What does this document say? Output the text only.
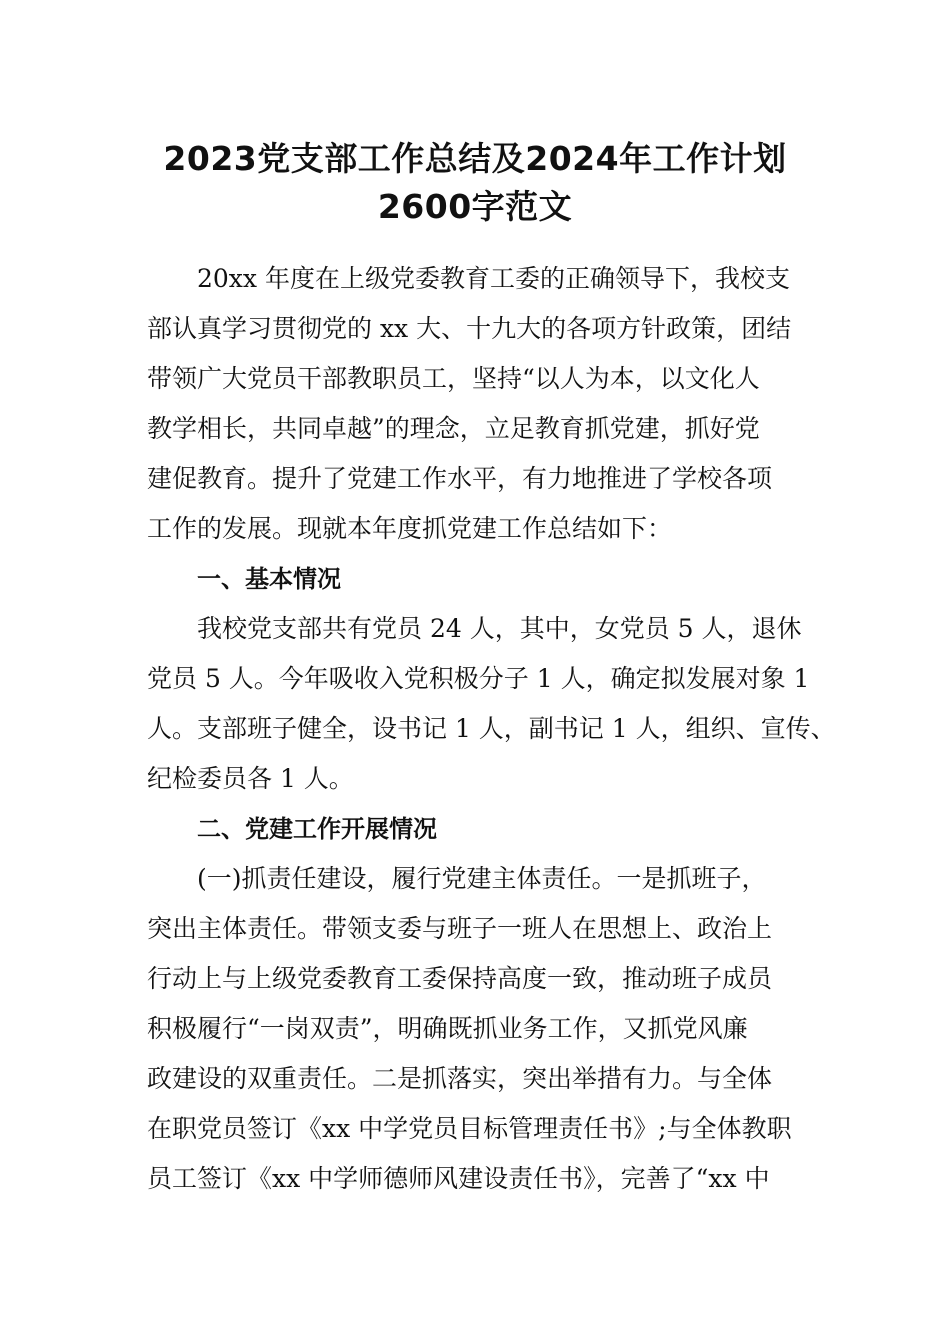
2023党支部工作总结及2024年工作计划
2600字范文
20xx 年度在上级党委教育工委的正确领导下，我校支
部认真学习贯彻党的 xx 大、十九大的各项方针政策，团结
带领广大党员干部教职员工，坚持“以人为本，以文化人
教学相长，共同卓越”的理念，立足教育抓党建，抓好党
建促教育。提升了党建工作水平，有力地推进了学校各项
工作的发展。现就本年度抓党建工作总结如下：
一、基本情况
我校党支部共有党员 24 人，其中，女党员 5 人，退休
党员 5 人。今年吸收入党积极分子 1 人，确定拟发展对象 1
人。支部班子健全，设书记 1 人，副书记 1 人，组织、宣传、
纪检委员各 1 人。
二、党建工作开展情况
(一)抓责任建设，履行党建主体责任。一是抓班子，
突出主体责任。带领支委与班子一班人在思想上、政治上
行动上与上级党委教育工委保持高度一致，推动班子成员
积极履行“一岗双责”，明确既抓业务工作，又抓党风廉
政建设的双重责任。二是抓落实，突出举措有力。与全体
在职党员签订《xx 中学党员目标管理责任书》;与全体教职
员工签订《xx 中学师德师风建设责任书》，完善了“xx 中
